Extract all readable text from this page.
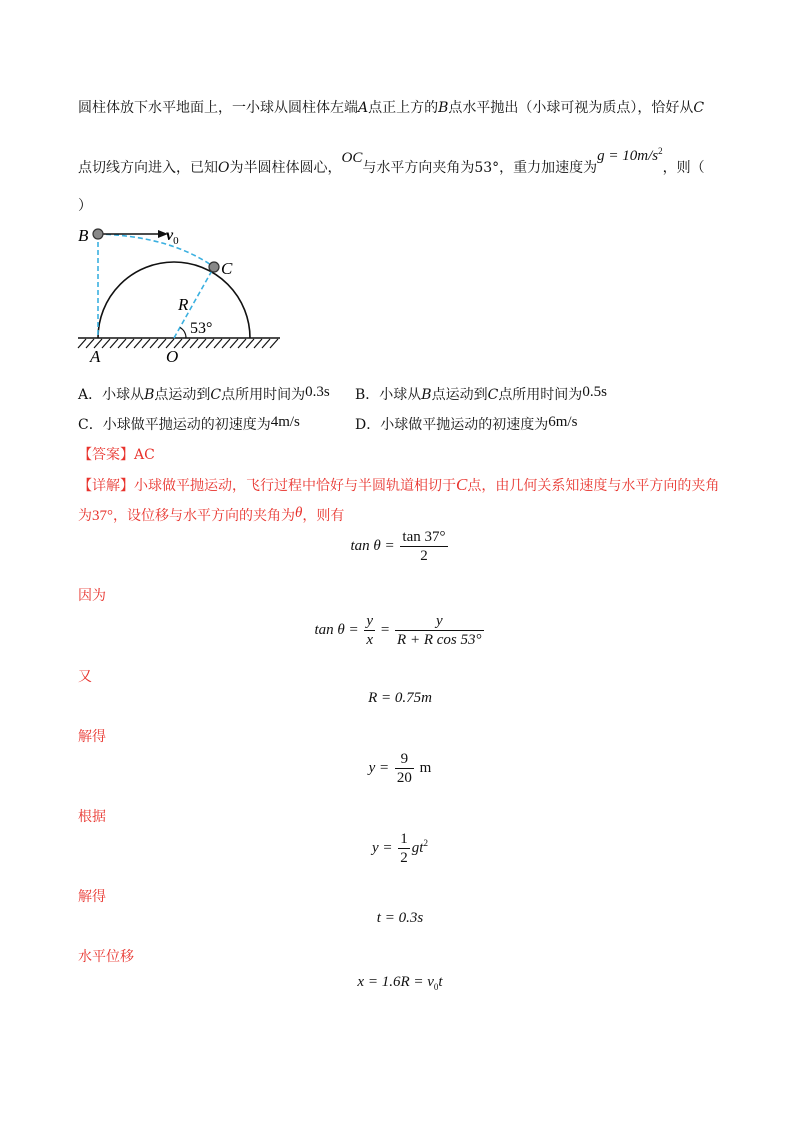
圆柱体放下水平地面上，一小球从圆柱体左端A点正上方的B点水平抛出（小球可视为质点），恰好从C
点切线方向进入，已知O为半圆柱体圆心，OC与水平方向夹角为53°，重力加速度为$g = 10m/s^2$，则（
）
B	$v_0$
C
R
53°
A	O
A．小球从B点运动到C点所用时间为0.3s B．小球从B点运动到C点所用时间为0.5s
C．小球做平抛运动的初速度为4m/s	D．小球做平抛运动的初速度为6m/s
【答案】AC
【详解】小球做平抛运动，飞行过程中恰好与半圆轨道相切于C点，由几何关系知速度与水平方向的夹角
为37°，设位移与水平方向的夹角为θ，则有
$\tan \theta = \frac{\tan 37^\circ}{2}$
因为
$\tan \theta = \frac{y}{x} = \frac{y}{\text{R + R cos 53°}}$
又
R = 0.75m
解得
$y = \frac{9}{20}$ m
根据
$y = \frac{1}{2} gt^2$
解得
t = 0.3s
水平位移
$x = 1.6R = v_0t$
